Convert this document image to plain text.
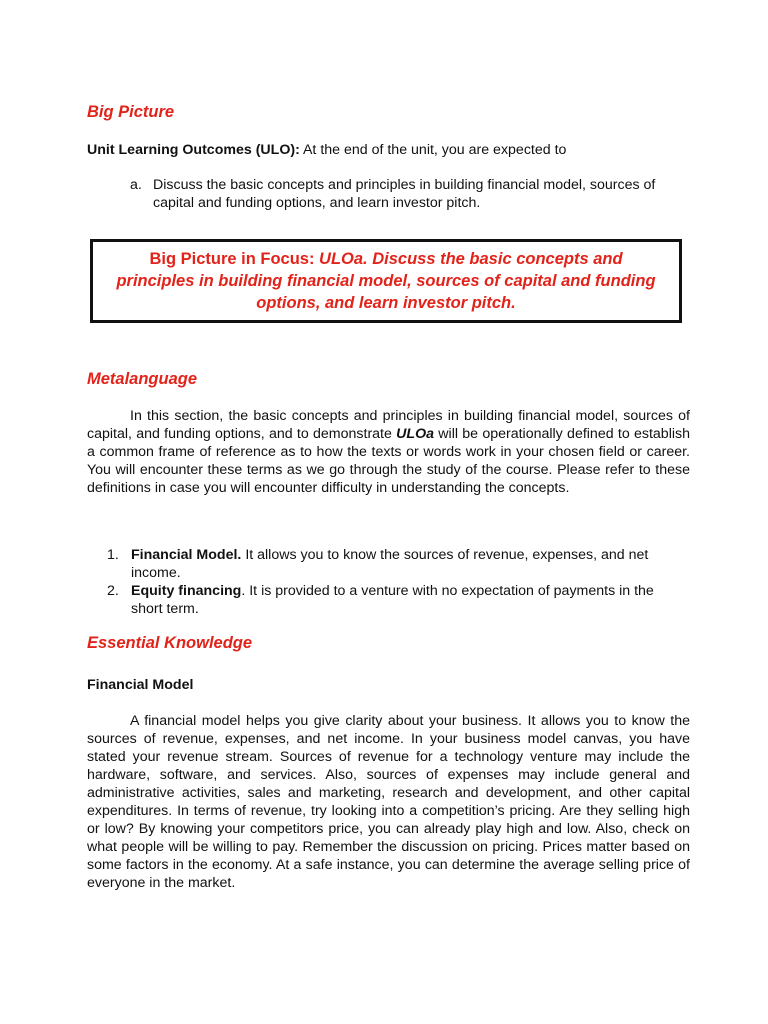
Big Picture

Unit Learning Outcomes (ULO): At the end of the unit, you are expected to

a. Discuss the basic concepts and principles in building financial model, sources of capital and funding options, and learn investor pitch.

Big Picture in Focus: ULOa. Discuss the basic concepts and principles in building financial model, sources of capital and funding options, and learn investor pitch.

Metalanguage

In this section, the basic concepts and principles in building financial model, sources of capital, and funding options, and to demonstrate ULOa will be operationally defined to establish a common frame of reference as to how the texts or words work in your chosen field or career. You will encounter these terms as we go through the study of the course. Please refer to these definitions in case you will encounter difficulty in understanding the concepts.

1. Financial Model. It allows you to know the sources of revenue, expenses, and net income.
2. Equity financing. It is provided to a venture with no expectation of payments in the short term.
Essential Knowledge

Financial Model

A financial model helps you give clarity about your business. It allows you to know the sources of revenue, expenses, and net income. In your business model canvas, you have stated your revenue stream. Sources of revenue for a technology venture may include the hardware, software, and services. Also, sources of expenses may include general and administrative activities, sales and marketing, research and development, and other capital expenditures. In terms of revenue, try looking into a competition’s pricing. Are they selling high or low? By knowing your competitors price, you can already play high and low. Also, check on what people will be willing to pay. Remember the discussion on pricing. Prices matter based on some factors in the economy. At a safe instance, you can determine the average selling price of everyone in the market.
